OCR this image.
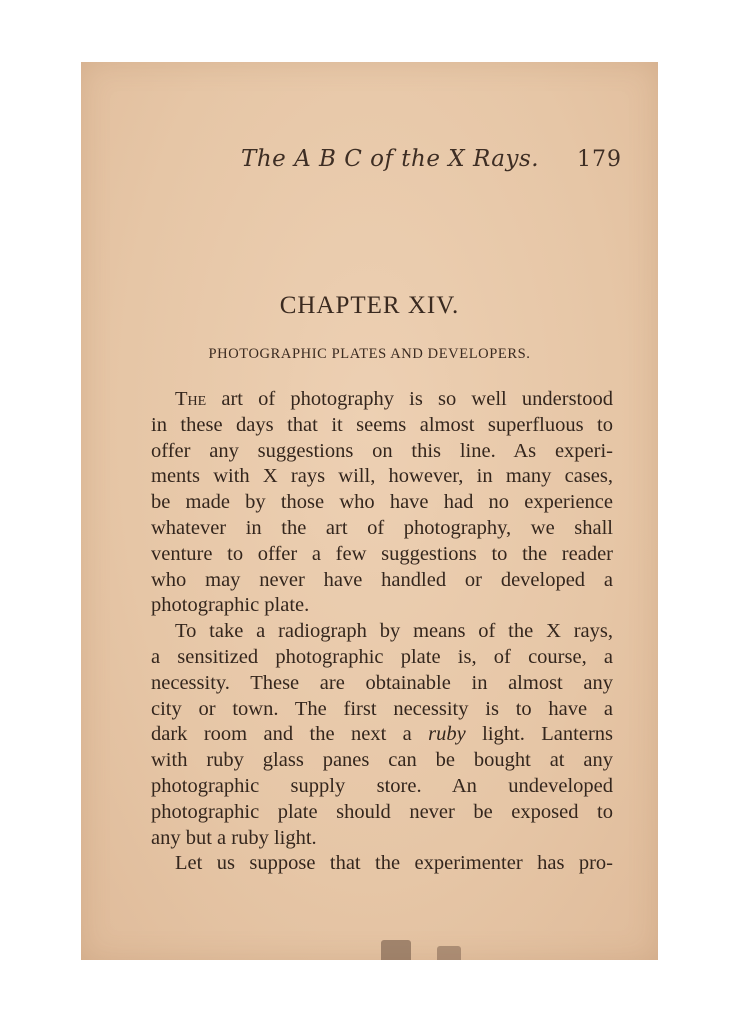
The A B C of the X Rays. 179
CHAPTER XIV.
PHOTOGRAPHIC PLATES AND DEVELOPERS.
The art of photography is so well understood
in these days that it seems almost superfluous to
offer any suggestions on this line. As experi-
ments with X rays will, however, in many cases,
be made by those who have had no experience
whatever in the art of photography, we shall
venture to offer a few suggestions to the reader
who may never have handled or developed a
photographic plate.
To take a radiograph by means of the X rays,
a sensitized photographic plate is, of course, a
necessity. These are obtainable in almost any
city or town. The first necessity is to have a
dark room and the next a ruby light. Lanterns
with ruby glass panes can be bought at any
photographic supply store. An undeveloped
photographic plate should never be exposed to
any but a ruby light.
Let us suppose that the experimenter has pro-
